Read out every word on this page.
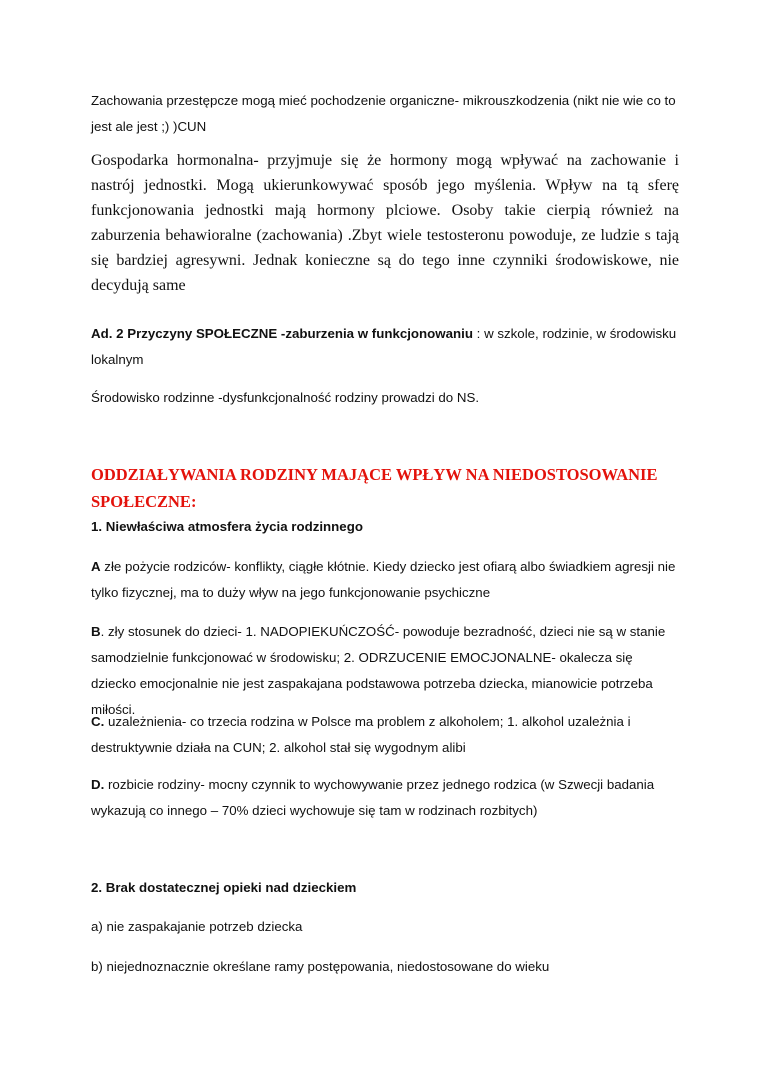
Zachowania przestępcze mogą mieć pochodzenie organiczne- mikrouszkodzenia (nikt nie wie co to jest ale jest ;) )CUN

Gospodarka hormonalna- przyjmuje się że hormony mogą wpływać na zachowanie i nastrój jednostki. Mogą ukierunkowywać sposób jego myślenia. Wpływ na tą sferę funkcjonowania jednostki mają hormony plciowe. Osoby takie cierpią również na zaburzenia behawioralne (zachowania) .Zbyt wiele testosteronu powoduje, ze ludzie s tają się bardziej agresywni. Jednak konieczne są do tego inne czynniki środowiskowe, nie decydują same

Ad. 2 Przyczyny SPOŁECZNE -zaburzenia w funkcjonowaniu : w szkole, rodzinie, w środowisku lokalnym

Środowisko rodzinne -dysfunkcjonalność rodziny prowadzi do NS.

ODDZIAŁYWANIA RODZINY MAJĄCE WPŁYW NA NIEDOSTOSOWANIE SPOŁECZNE:

1. Niewłaściwa atmosfera życia rodzinnego

A złe pożycie rodziców- konflikty, ciągłe kłótnie. Kiedy dziecko jest ofiarą albo świadkiem agresji nie tylko fizycznej, ma to duży wływ na jego funkcjonowanie psychiczne

B. zły stosunek do dzieci- 1. NADOPIEKUŃCZOŚĆ- powoduje bezradność, dzieci nie są w stanie samodzielnie funkcjonować w środowisku; 2. ODRZUCENIE EMOCJONALNE- okalecza się dziecko emocjonalnie nie jest zaspakajana podstawowa potrzeba dziecka, mianowicie potrzeba miłości.

C. uzależnienia- co trzecia rodzina w Polsce ma problem z alkoholem; 1. alkohol uzależnia i destruktywnie działa na CUN; 2. alkohol stał się wygodnym alibi

D. rozbicie rodziny- mocny czynnik to wychowywanie przez jednego rodzica (w Szwecji badania wykazują co innego – 70% dzieci wychowuje się tam w rodzinach rozbitych)

2. Brak dostatecznej opieki nad dzieckiem

a) nie zaspakajanie potrzeb dziecka

b) niejednoznacznie określane ramy postępowania, niedostosowane do wieku
